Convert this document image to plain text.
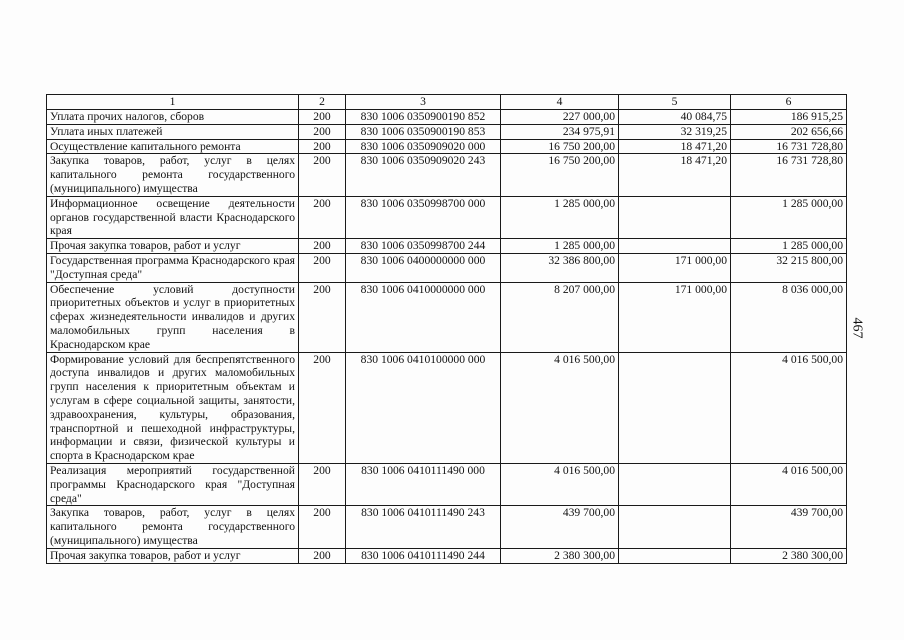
1	2	3	4	5	6
Уплата прочих налогов, сборов	200	830 1006 0350900190 852	227 000,00	40 084,75	186 915,25
Уплата иных платежей	200	830 1006 0350900190 853	234 975,91	32 319,25	202 656,66
Осуществление капитального ремонта	200	830 1006 0350909020 000	16 750 200,00	18 471,20	16 731 728,80
Закупка товаров, работ, услуг в целях капитального ремонта государственного (муниципального) имущества	200	830 1006 0350909020 243	16 750 200,00	18 471,20	16 731 728,80
Информационное освещение деятельности органов государственной власти Краснодарского края	200	830 1006 0350998700 000	1 285 000,00		1 285 000,00
Прочая закупка товаров, работ и услуг	200	830 1006 0350998700 244	1 285 000,00		1 285 000,00
Государственная программа Краснодарского края "Доступная среда"	200	830 1006 0400000000 000	32 386 800,00	171 000,00	32 215 800,00
Обеспечение условий доступности приоритетных объектов и услуг в приоритетных сферах жизнедеятельности инвалидов и других маломобильных групп населения в Краснодарском крае	200	830 1006 0410000000 000	8 207 000,00	171 000,00	8 036 000,00
Формирование условий для беспрепятственного доступа инвалидов и других маломобильных групп населения к приоритетным объектам и услугам в сфере социальной защиты, занятости, здравоохранения, культуры, образования, транспортной и пешеходной инфраструктуры, информации и связи, физической культуры и спорта в Краснодарском крае	200	830 1006 0410100000 000	4 016 500,00		4 016 500,00
Реализация мероприятий государственной программы Краснодарского края "Доступная среда"	200	830 1006 0410111490 000	4 016 500,00		4 016 500,00
Закупка товаров, работ, услуг в целях капитального ремонта государственного (муниципального) имущества	200	830 1006 0410111490 243	439 700,00		439 700,00
Прочая закупка товаров, работ и услуг	200	830 1006 0410111490 244	2 380 300,00		2 380 300,00
467
